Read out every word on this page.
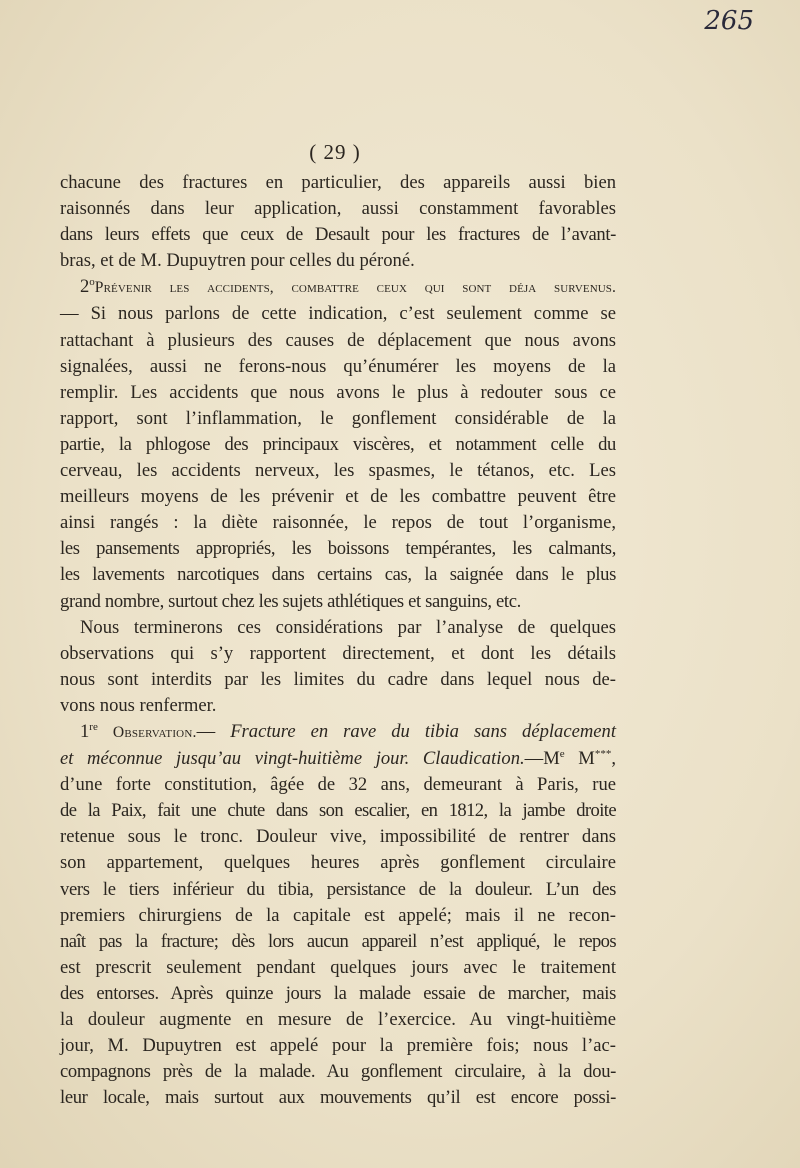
265
( 29 )
chacune des fractures en particulier, des appareils aussi bien
raisonnés dans leur application, aussi constamment favorables
dans leurs effets que ceux de Desault pour les fractures de l’avant-
bras, et de M. Dupuytren pour celles du péroné.
2$^o$Prévenir les accidents, combattre ceux qui sont déja survenus.
— Si nous parlons de cette indication, c’est seulement comme se
rattachant à plusieurs des causes de déplacement que nous avons
signalées, aussi ne ferons-nous qu’énumérer les moyens de la
remplir. Les accidents que nous avons le plus à redouter sous ce
rapport, sont l’inflammation, le gonflement considérable de la
partie, la phlogose des principaux viscères, et notamment celle du
cerveau, les accidents nerveux, les spasmes, le tétanos, etc. Les
meilleurs moyens de les prévenir et de les combattre peuvent être
ainsi rangés : la diète raisonnée, le repos de tout l’organisme,
les pansements appropriés, les boissons tempérantes, les calmants,
les lavements narcotiques dans certains cas, la saignée dans le plus
grand nombre, surtout chez les sujets athlétiques et sanguins, etc.
Nous terminerons ces considérations par l’analyse de quelques
observations qui s’y rapportent directement, et dont les détails
nous sont interdits par les limites du cadre dans lequel nous de-
vons nous renfermer.
1re Observation.— Fracture en rave du tibia sans déplacement
et méconnue jusqu’au vingt-huitième jour. Claudication.—Me M***,
d’une forte constitution, âgée de 32 ans, demeurant à Paris, rue
de la Paix, fait une chute dans son escalier, en 1812, la jambe droite
retenue sous le tronc. Douleur vive, impossibilité de rentrer dans
son appartement, quelques heures après gonflement circulaire
vers le tiers inférieur du tibia, persistance de la douleur. L’un des
premiers chirurgiens de la capitale est appelé; mais il ne recon-
naît pas la fracture; dès lors aucun appareil n’est appliqué, le repos
est prescrit seulement pendant quelques jours avec le traitement
des entorses. Après quinze jours la malade essaie de marcher, mais
la douleur augmente en mesure de l’exercice. Au vingt-huitième
jour, M. Dupuytren est appelé pour la première fois; nous l’ac-
compagnons près de la malade. Au gonflement circulaire, à la dou-
leur locale, mais surtout aux mouvements qu’il est encore possi-
